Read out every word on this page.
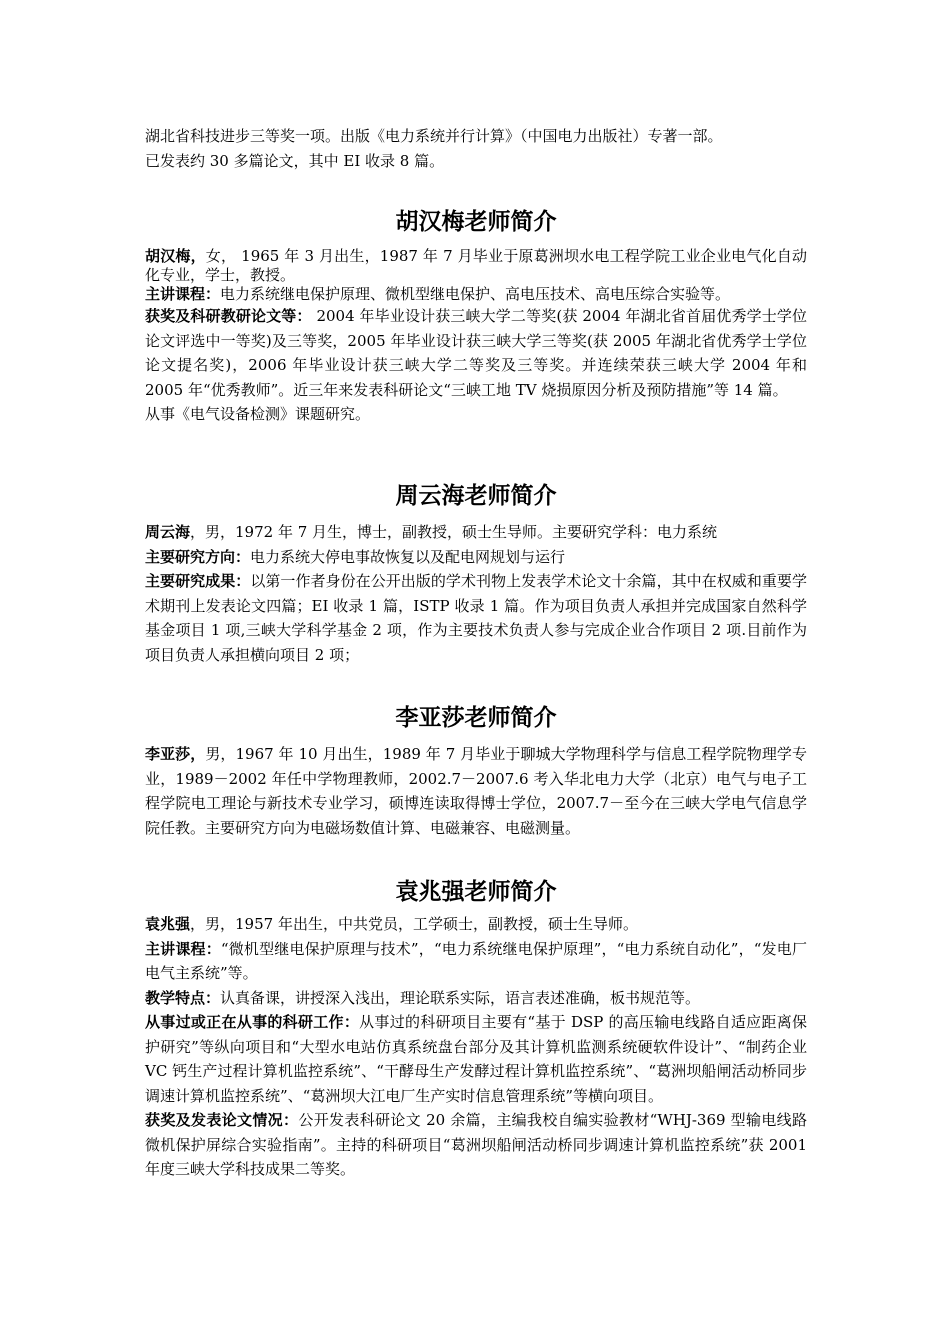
湖北省科技进步三等奖一项。出版《电力系统并行计算》（中国电力出版社）专著一部。

已发表约 30 多篇论文，其中 EI 收录 8 篇。

胡汉梅老师简介

胡汉梅，女， 1965 年 3 月出生，1987 年 7 月毕业于原葛洲坝水电工程学院工业企业电气化自动化专业，学士，教授。

主讲课程：电力系统继电保护原理、微机型继电保护、高电压技术、高电压综合实验等。

获奖及科研教研论文等： 2004 年毕业设计获三峡大学二等奖(获 2004 年湖北省首届优秀学士学位论文评选中一等奖)及三等奖，2005 年毕业设计获三峡大学三等奖(获 2005 年湖北省优秀学士学位论文提名奖)，2006 年毕业设计获三峡大学二等奖及三等奖。并连续荣获三峡大学 2004 年和 2005 年“优秀教师”。近三年来发表科研论文“三峡工地 TV 烧损原因分析及预防措施”等 14 篇。

从事《电气设备检测》课题研究。

周云海老师简介

周云海，男，1972 年 7 月生，博士，副教授，硕士生导师。主要研究学科：电力系统

主要研究方向：电力系统大停电事故恢复以及配电网规划与运行

主要研究成果：以第一作者身份在公开出版的学术刊物上发表学术论文十余篇，其中在权威和重要学术期刊上发表论文四篇；EI 收录 1 篇，ISTP 收录 1 篇。作为项目负责人承担并完成国家自然科学基金项目 1 项,三峡大学科学基金 2 项，作为主要技术负责人参与完成企业合作项目 2 项.目前作为项目负责人承担横向项目 2 项；

李亚莎老师简介

李亚莎，男，1967 年 10 月出生，1989 年 7 月毕业于聊城大学物理科学与信息工程学院物理学专业，1989－2002 年任中学物理教师，2002.7－2007.6 考入华北电力大学（北京）电气与电子工程学院电工理论与新技术专业学习，硕博连读取得博士学位，2007.7－至今在三峡大学电气信息学院任教。主要研究方向为电磁场数值计算、电磁兼容、电磁测量。

袁兆强老师简介

袁兆强，男，1957 年出生，中共党员，工学硕士，副教授，硕士生导师。

主讲课程：“微机型继电保护原理与技术”，“电力系统继电保护原理”，“电力系统自动化”，“发电厂电气主系统”等。

教学特点：认真备课，讲授深入浅出，理论联系实际，语言表述准确，板书规范等。

从事过或正在从事的科研工作：从事过的科研项目主要有“基于 DSP 的高压输电线路自适应距离保护研究”等纵向项目和“大型水电站仿真系统盘台部分及其计算机监测系统硬软件设计”、“制药企业 VC 钙生产过程计算机监控系统”、“干酵母生产发酵过程计算机监控系统”、“葛洲坝船闸活动桥同步调速计算机监控系统”、“葛洲坝大江电厂生产实时信息管理系统”等横向项目。

获奖及发表论文情况：公开发表科研论文 20 余篇，主编我校自编实验教材“WHJ-369 型输电线路微机保护屏综合实验指南”。主持的科研项目“葛洲坝船闸活动桥同步调速计算机监控系统”获 2001 年度三峡大学科技成果二等奖。
